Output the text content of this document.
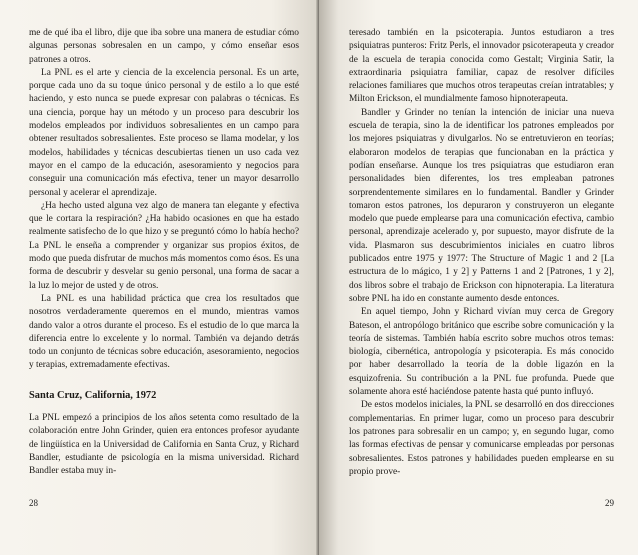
me de qué iba el libro, dije que iba sobre una manera de estudiar cómo algunas personas sobresalen en un campo, y cómo enseñar esos patrones a otros.

La PNL es el arte y ciencia de la excelencia personal. Es un arte, porque cada uno da su toque único personal y de estilo a lo que esté haciendo, y esto nunca se puede expresar con palabras o técnicas. Es una ciencia, porque hay un método y un proceso para descubrir los modelos empleados por individuos sobresalientes en un campo para obtener resultados sobresalientes. Este proceso se llama modelar, y los modelos, habilidades y técnicas descubiertas tienen un uso cada vez mayor en el campo de la educación, asesoramiento y negocios para conseguir una comunicación más efectiva, tener un mayor desarrollo personal y acelerar el aprendizaje.

¿Ha hecho usted alguna vez algo de manera tan elegante y efectiva que le cortara la respiración? ¿Ha habido ocasiones en que ha estado realmente satisfecho de lo que hizo y se preguntó cómo lo había hecho? La PNL le enseña a comprender y organizar sus propios éxitos, de modo que pueda disfrutar de muchos más momentos como ésos. Es una forma de descubrir y desvelar su genio personal, una forma de sacar a la luz lo mejor de usted y de otros.

La PNL es una habilidad práctica que crea los resultados que nosotros verdaderamente queremos en el mundo, mientras vamos dando valor a otros durante el proceso. Es el estudio de lo que marca la diferencia entre lo excelente y lo normal. También va dejando detrás todo un conjunto de técnicas sobre educación, asesoramiento, negocios y terapias, extremadamente efectivas.

Santa Cruz, California, 1972

La PNL empezó a principios de los años setenta como resultado de la colaboración entre John Grinder, quien era entonces profesor ayudante de lingüística en la Universidad de California en Santa Cruz, y Richard Bandler, estudiante de psicología en la misma universidad. Richard Bandler estaba muy in-

28

teresado también en la psicoterapia. Juntos estudiaron a tres psiquiatras punteros: Fritz Perls, el innovador psicoterapeuta y creador de la escuela de terapia conocida como Gestalt; Virginia Satir, la extraordinaria psiquiatra familiar, capaz de resolver difíciles relaciones familiares que muchos otros terapeutas creían intratables; y Milton Erickson, el mundialmente famoso hipnoterapeuta.

Bandler y Grinder no tenían la intención de iniciar una nueva escuela de terapia, sino la de identificar los patrones empleados por los mejores psiquiatras y divulgarlos. No se entretuvieron en teorías; elaboraron modelos de terapias que funcionaban en la práctica y podían enseñarse. Aunque los tres psiquiatras que estudiaron eran personalidades bien diferentes, los tres empleaban patrones sorprendentemente similares en lo fundamental. Bandler y Grinder tomaron estos patrones, los depuraron y construyeron un elegante modelo que puede emplearse para una comunicación efectiva, cambio personal, aprendizaje acelerado y, por supuesto, mayor disfrute de la vida. Plasmaron sus descubrimientos iniciales en cuatro libros publicados entre 1975 y 1977: The Structure of Magic 1 and 2 [La estructura de lo mágico, 1 y 2] y Patterns 1 and 2 [Patrones, 1 y 2], dos libros sobre el trabajo de Erickson con hipnoterapia. La literatura sobre PNL ha ido en constante aumento desde entonces.

En aquel tiempo, John y Richard vivían muy cerca de Gregory Bateson, el antropólogo británico que escribe sobre comunicación y la teoría de sistemas. También había escrito sobre muchos otros temas: biología, cibernética, antropología y psicoterapia. Es más conocido por haber desarrollado la teoría de la doble ligazón en la esquizofrenia. Su contribución a la PNL fue profunda. Puede que solamente ahora esté haciéndose patente hasta qué punto influyó.

De estos modelos iniciales, la PNL se desarrolló en dos direcciones complementarias. En primer lugar, como un proceso para descubrir los patrones para sobresalir en un campo; y, en segundo lugar, como las formas efectivas de pensar y comunicarse empleadas por personas sobresalientes. Estos patrones y habilidades pueden emplearse en su propio prove-

29
